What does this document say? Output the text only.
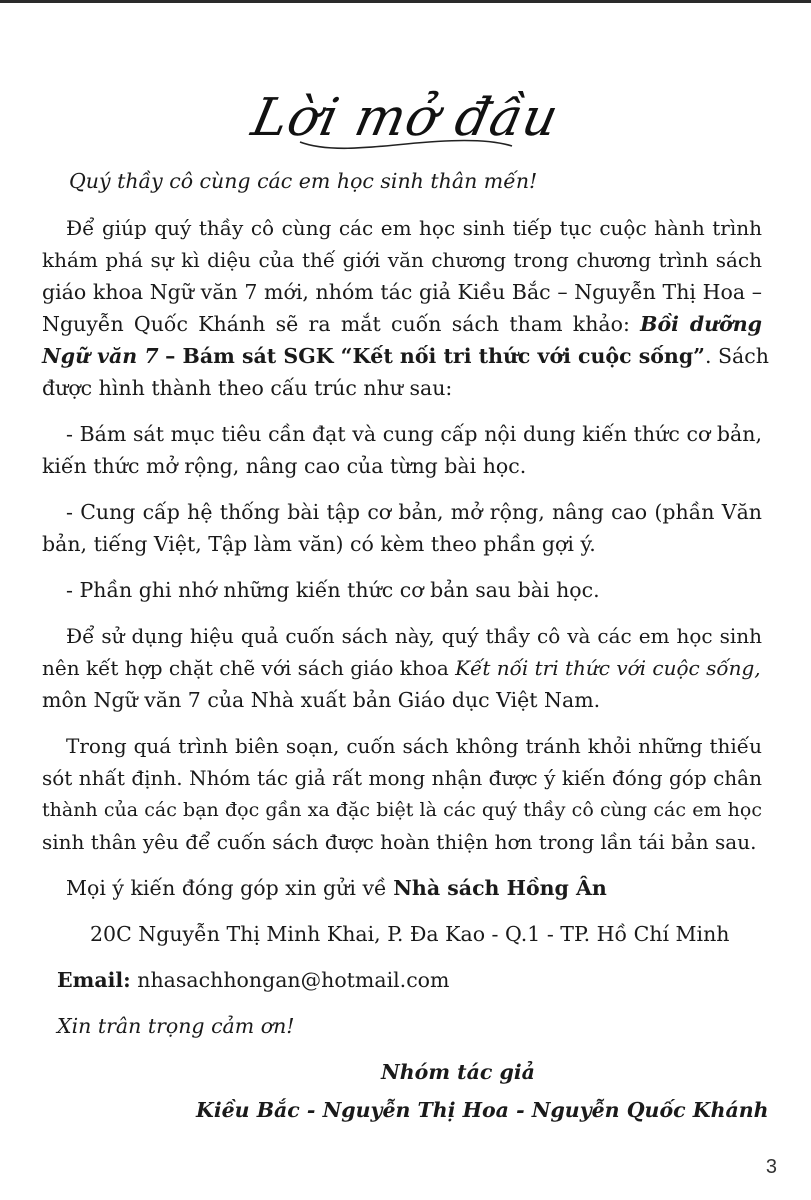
Lời mở đầu

Quý thầy cô cùng các em học sinh thân mến!

Để giúp quý thầy cô cùng các em học sinh tiếp tục cuộc hành trình

khám phá sự kì diệu của thế giới văn chương trong chương trình sách

giáo khoa Ngữ văn 7 mới, nhóm tác giả Kiều Bắc – Nguyễn Thị Hoa –

Nguyễn Quốc Khánh sẽ ra mắt cuốn sách tham khảo: Bồi dưỡng

Ngữ văn 7 – Bám sát SGK “Kết nối tri thức với cuộc sống”. Sách

được hình thành theo cấu trúc như sau:

- Bám sát mục tiêu cần đạt và cung cấp nội dung kiến thức cơ bản,

kiến thức mở rộng, nâng cao của từng bài học.

- Cung cấp hệ thống bài tập cơ bản, mở rộng, nâng cao (phần Văn

bản, tiếng Việt, Tập làm văn) có kèm theo phần gợi ý.

- Phần ghi nhớ những kiến thức cơ bản sau bài học.

Để sử dụng hiệu quả cuốn sách này, quý thầy cô và các em học sinh

nên kết hợp chặt chẽ với sách giáo khoa Kết nối tri thức với cuộc sống,

môn Ngữ văn 7 của Nhà xuất bản Giáo dục Việt Nam.

Trong quá trình biên soạn, cuốn sách không tránh khỏi những thiếu

sót nhất định. Nhóm tác giả rất mong nhận được ý kiến đóng góp chân

thành của các bạn đọc gần xa đặc biệt là các quý thầy cô cùng các em học

sinh thân yêu để cuốn sách được hoàn thiện hơn trong lần tái bản sau.

Mọi ý kiến đóng góp xin gửi về Nhà sách Hồng Ân

20C Nguyễn Thị Minh Khai, P. Đa Kao - Q.1 - TP. Hồ Chí Minh

Email: nhasachhongan@hotmail.com

Xin trân trọng cảm ơn!

Nhóm tác giả

Kiều Bắc - Nguyễn Thị Hoa - Nguyễn Quốc Khánh

3
